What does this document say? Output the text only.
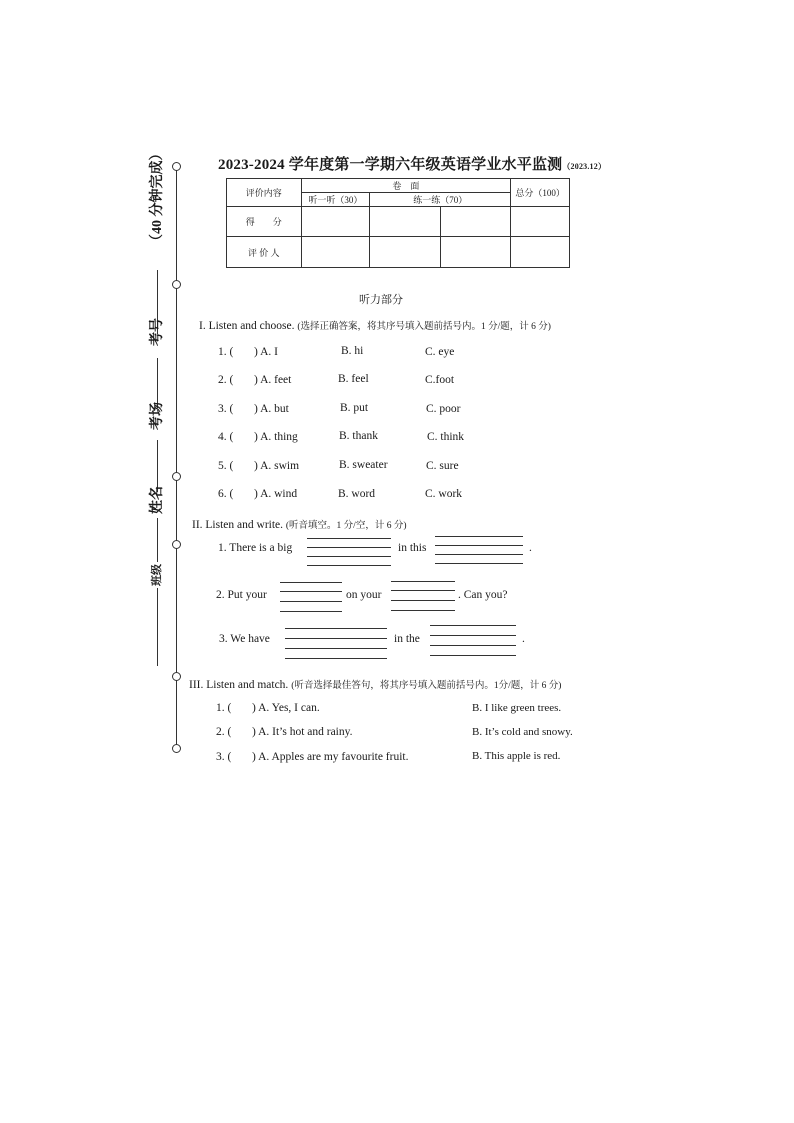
（40 分钟完成）
考号
考场
姓名
班级
2023-2024 学年度第一学期六年级英语学业水平监测（2023.12）
评价内容	卷　面			总分（100）
	听一听（30）	练一练（70）		
得　　分				
评 价 人				
听力部分
I. Listen and choose. (选择正确答案，将其序号填入题前括号内。1 分/题，计 6 分)
1. ( ) A. I	B. hi	C. eye
2. ( ) A. feet	B. feel	C.foot
3. ( ) A. but	B. put	C. poor
4. ( ) A. thing	B. thank	C. think
5. ( ) A. swim	B. sweater	C. sure
6. ( ) A. wind	B. word	C. work
II. Listen and write. (听音填空。1 分/空，计 6 分)
1. There is a big	in this	.
2. Put your	on your	. Can you?
3. We have	in the	.
III. Listen and match. (听音选择最佳答句，将其序号填入题前括号内。1分/题，计 6 分)
1. ( ) A. Yes, I can.	B. I like green trees.
2. ( ) A. It’s hot and rainy.	B. It’s cold and snowy.
3. ( ) A. Apples are my favourite fruit.	B. This apple is red.
